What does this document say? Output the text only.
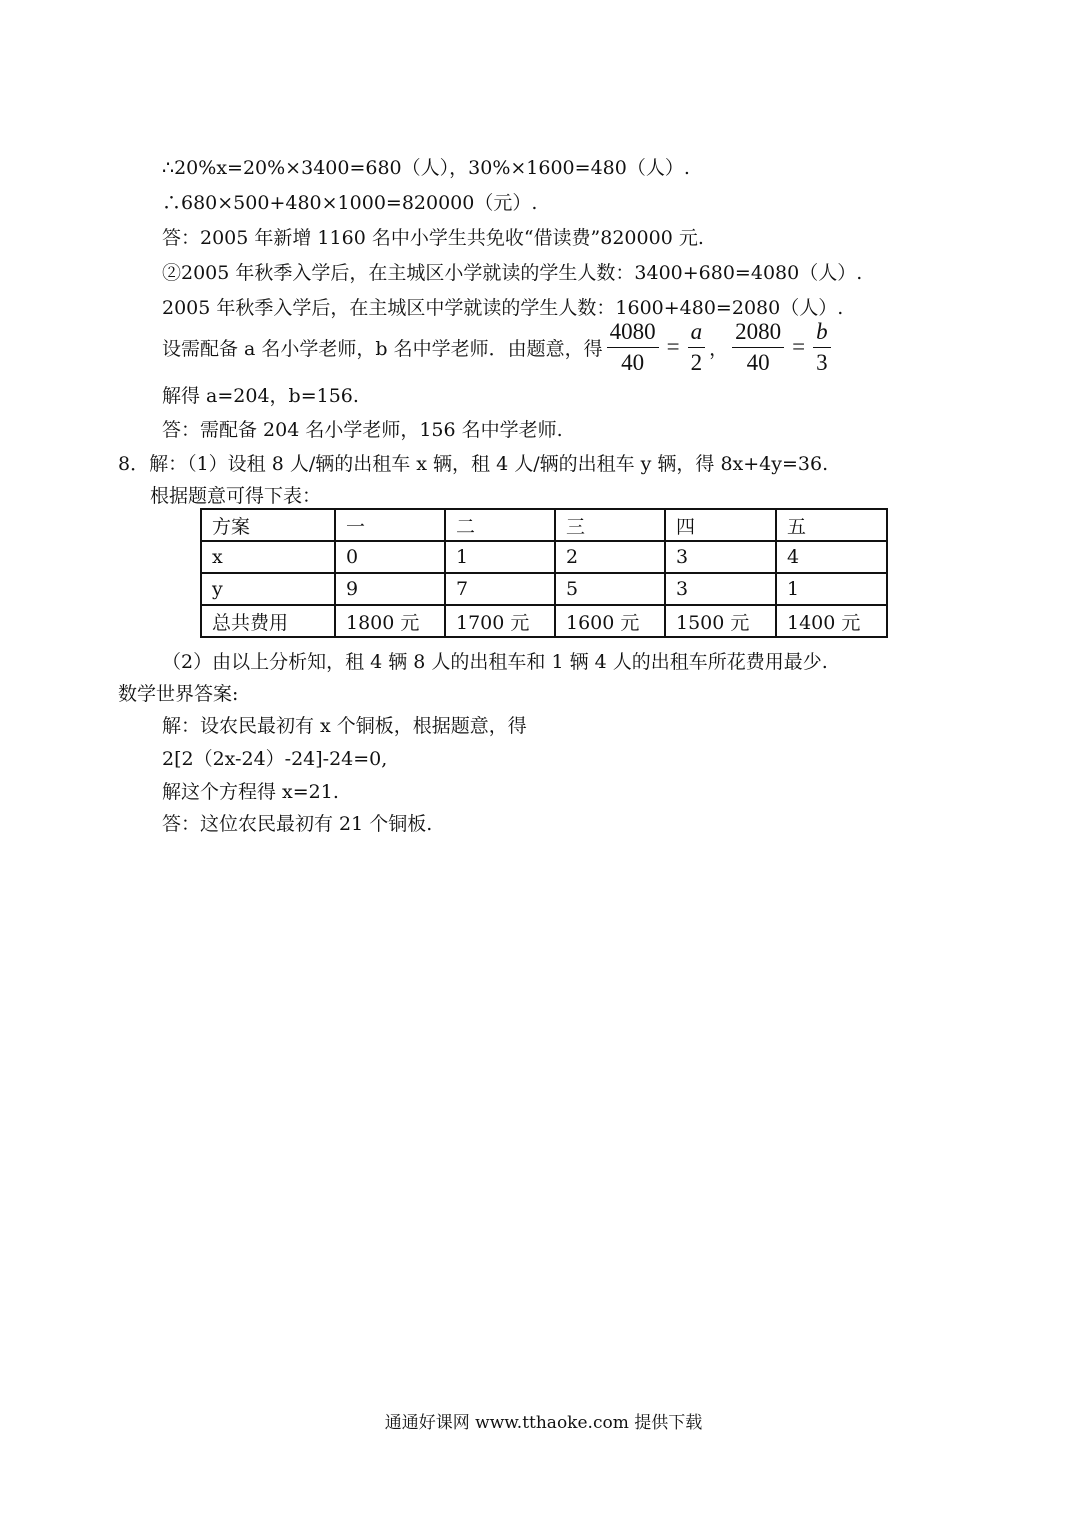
∴20%x=20%×3400=680（人），30%×1600=480（人）.
∴680×500+480×1000=820000（元）.
答：2005 年新增 1160 名中小学生共免收“借读费”820000 元.
②2005 年秋季入学后，在主城区小学就读的学生人数：3400+680=4080（人）.
2005 年秋季入学后，在主城区中学就读的学生人数：1600+480=2080（人）.
设需配备 a 名小学老师，b 名中学老师．由题意，得 $\frac{4080}{40} = \frac{a}{2}$ ， $\frac{2080}{40} = \frac{b}{3}$
解得 a=204，b=156.
答：需配备 204 名小学老师，156 名中学老师.
8．解：（1）设租 8 人/辆的出租车 x 辆，租 4 人/辆的出租车 y 辆，得 8x+4y=36.
根据题意可得下表：
方案	一	二	三	四	五
x	0	1	2	3	4
y	9	7	5	3	1
总共费用	1800 元	1700 元	1600 元	1500 元	1400 元
（2）由以上分析知，租 4 辆 8 人的出租车和 1 辆 4 人的出租车所花费用最少.
数学世界答案:
解：设农民最初有 x 个铜板，根据题意，得
2[2（2x-24）-24]-24=0,
解这个方程得 x=21.
答：这位农民最初有 21 个铜板.
通通好课网 www.tthaoke.com 提供下载
